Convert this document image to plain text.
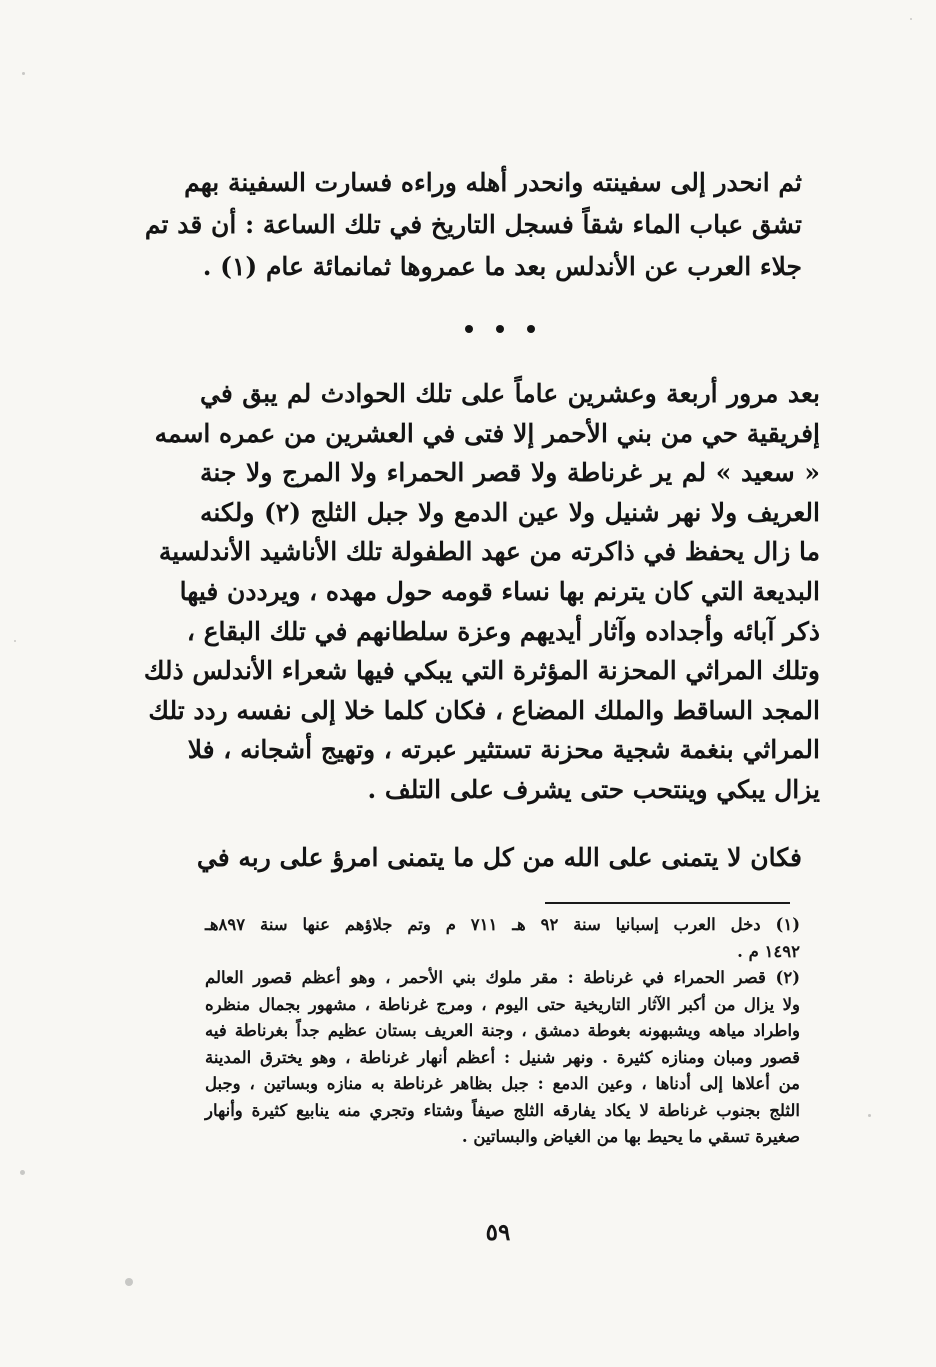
ثم انحدر إلى سفينته وانحدر أهله وراءه فسارت السفينة بهم
تشق عباب الماء شقاً فسجل التاريخ في تلك الساعة : أن قد تم
جلاء العرب عن الأندلس بعد ما عمروها ثمانمائة عام (١) .
بعد مرور أربعة وعشرين عاماً على تلك الحوادث لم يبق في
إفريقية حي من بني الأحمر إلا فتى في العشرين من عمره اسمه
« سعيد » لم ير غرناطة ولا قصر الحمراء ولا المرج ولا جنة
العريف ولا نهر شنيل ولا عين الدمع ولا جبل الثلج (٢) ولكنه
ما زال يحفظ في ذاكرته من عهد الطفولة تلك الأناشيد الأندلسية
البديعة التي كان يترنم بها نساء قومه حول مهده ، ويرددن فيها
ذكر آبائه وأجداده وآثار أيديهم وعزة سلطانهم في تلك البقاع ،
وتلك المراثي المحزنة المؤثرة التي يبكي فيها شعراء الأندلس ذلك
المجد الساقط والملك المضاع ، فكان كلما خلا إلى نفسه ردد تلك
المراثي بنغمة شجية محزنة تستثير عبرته ، وتهيج أشجانه ، فلا
يزال يبكي وينتحب حتى يشرف على التلف .
فكان لا يتمنى على الله من كل ما يتمنى امرؤ على ربه في
(١) دخل العرب إسبانيا سنة ٩٢ هـ ٧١١ م وتم جلاؤهم عنها سنة ٨٩٧هـ
١٤٩٢ م .
(٢) قصر الحمراء في غرناطة : مقر ملوك بني الأحمر ، وهو أعظم قصور العالم
ولا يزال من أكبر الآثار التاريخية حتى اليوم ، ومرج غرناطة ، مشهور بجمال منظره
واطراد مياهه ويشبهونه بغوطة دمشق ، وجنة العريف بستان عظيم جداً بغرناطة فيه
قصور ومبان ومنازه كثيرة . ونهر شنيل : أعظم أنهار غرناطة ، وهو يخترق المدينة
من أعلاها إلى أدناها ، وعين الدمع : جبل بظاهر غرناطة به منازه وبساتين ، وجبل
الثلج بجنوب غرناطة لا يكاد يفارقه الثلج صيفاً وشتاء وتجري منه ينابيع كثيرة وأنهار
صغيرة تسقي ما يحيط بها من الغياض والبساتين .
٥٩
